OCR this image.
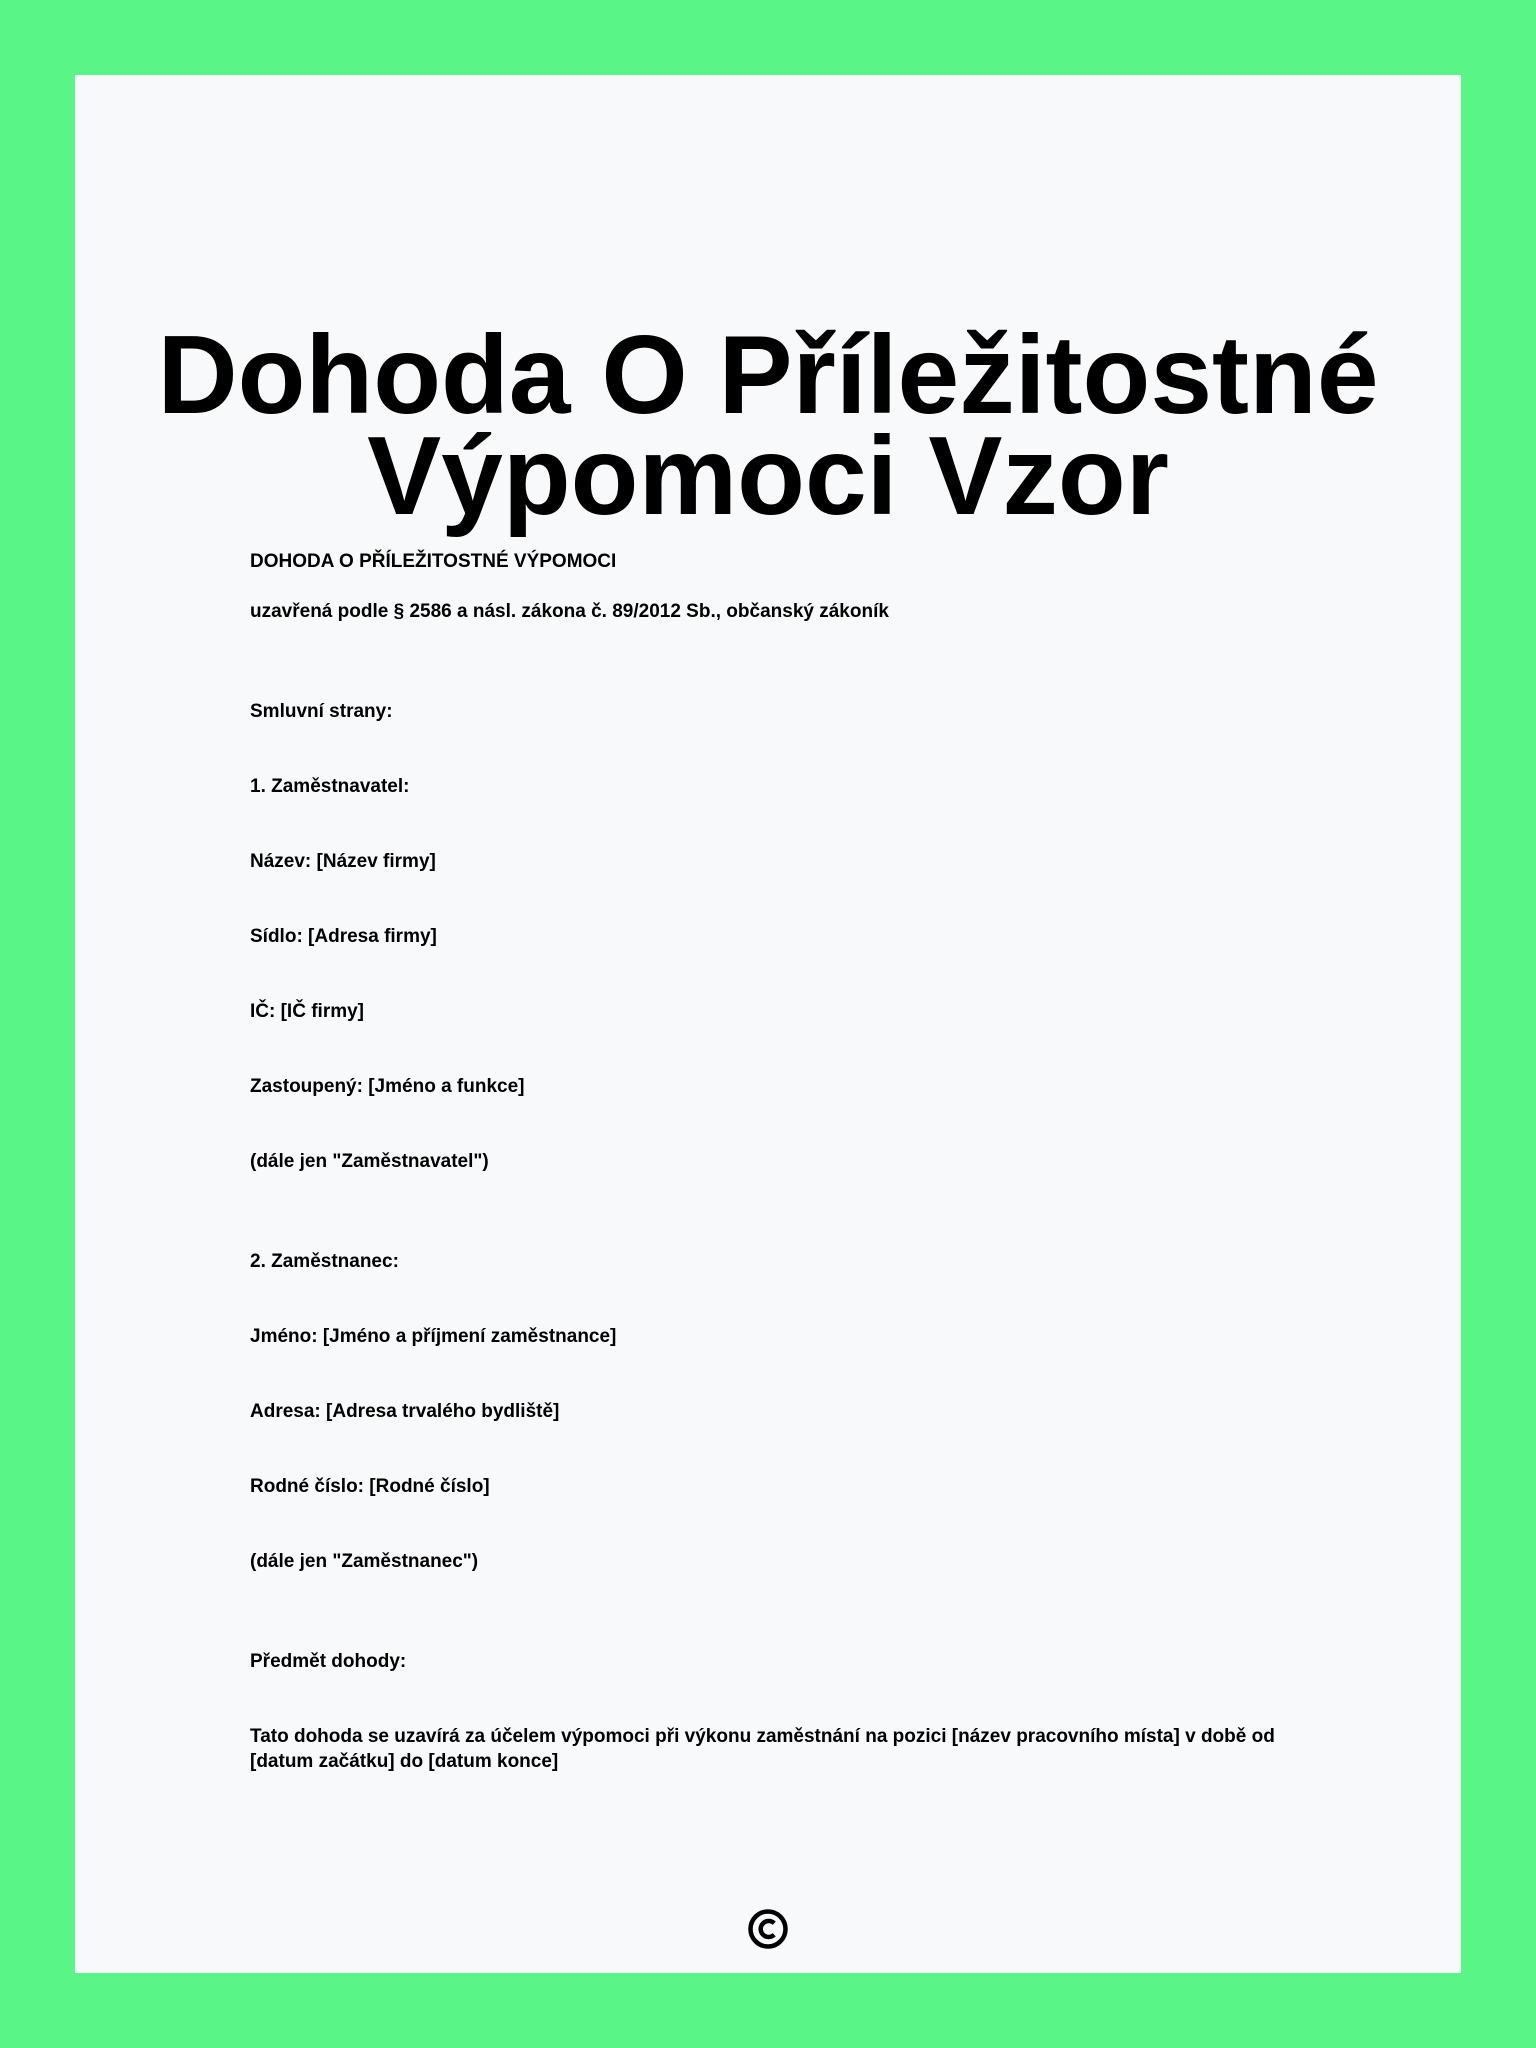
Dohoda O Příležitostné
Výpomoci Vzor

DOHODA O PŘÍLEŽITOSTNÉ VÝPOMOCI

uzavřená podle § 2586 a násl. zákona č. 89/2012 Sb., občanský zákoník

Smluvní strany:

1. Zaměstnavatel:

Název: [Název firmy]

Sídlo: [Adresa firmy]

IČ: [IČ firmy]

Zastoupený: [Jméno a funkce]

(dále jen "Zaměstnavatel")

2. Zaměstnanec:

Jméno: [Jméno a příjmení zaměstnance]

Adresa: [Adresa trvalého bydliště]

Rodné číslo: [Rodné číslo]

(dále jen "Zaměstnanec")

Předmět dohody:

Tato dohoda se uzavírá za účelem výpomoci při výkonu zaměstnání na pozici [název pracovního místa] v době od [datum začátku] do [datum konce]
